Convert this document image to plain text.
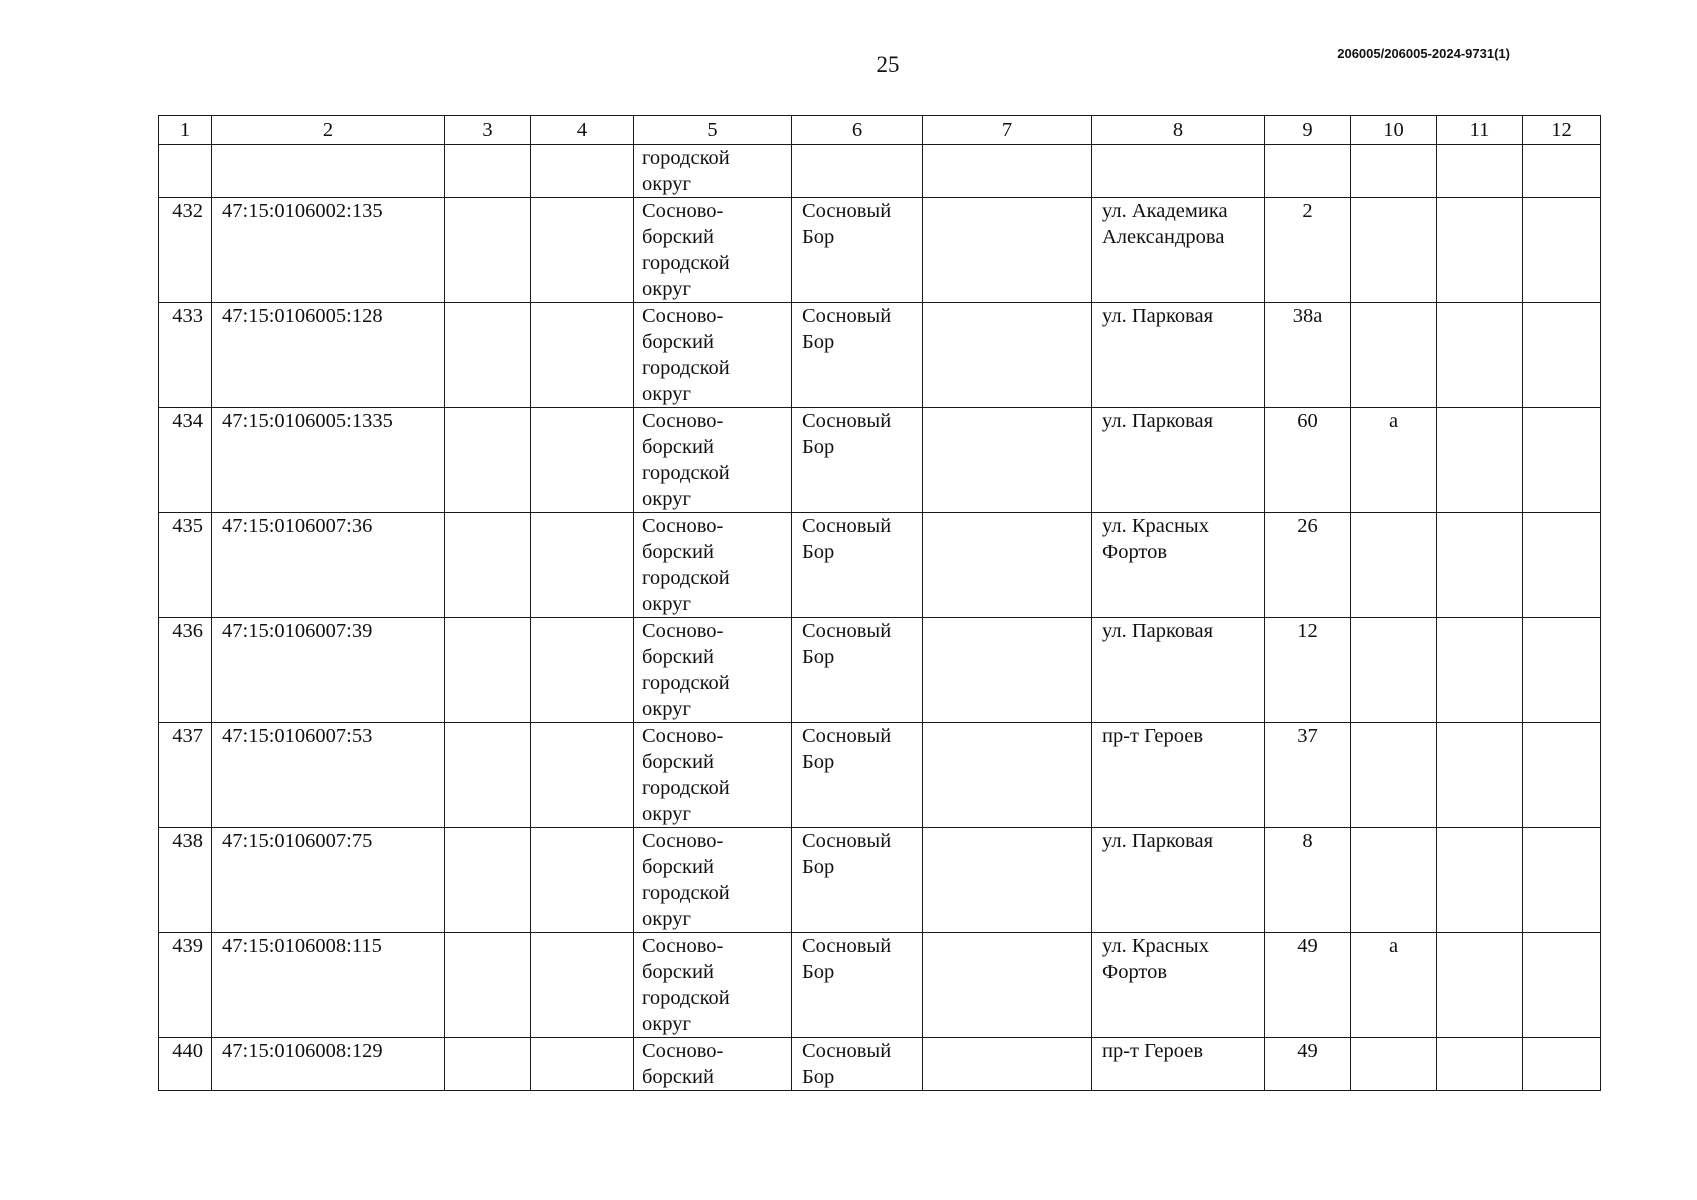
25	206005/206005-2024-9731(1)
1	2	3	4	5	6	7	8	9	10	11	12

				городской
округ							

432	47:15:0106002:135			Сосново-
борский
городской
округ	Сосновый
Бор		ул. Академика
Александрова	2			
433	47:15:0106005:128			Сосново-
борский
городской
округ	Сосновый
Бор		ул. Парковая	38а			
434	47:15:0106005:1335			Сосново-
борский
городской
округ	Сосновый
Бор		ул. Парковая	60	а		
435	47:15:0106007:36			Сосново-
борский
городской
округ	Сосновый
Бор		ул. Красных
Фортов	26			
436	47:15:0106007:39			Сосново-
борский
городской
округ	Сосновый
Бор		ул. Парковая	12			
437	47:15:0106007:53			Сосново-
борский
городской
округ	Сосновый
Бор		пр-т Героев	37			
438	47:15:0106007:75			Сосново-
борский
городской
округ	Сосновый
Бор		ул. Парковая	8			
439	47:15:0106008:115			Сосново-
борский
городской
округ	Сосновый
Бор		ул. Красных
Фортов	49	а		
440	47:15:0106008:129			Сосново-
борский	Сосновый
Бор		пр-т Героев	49			
